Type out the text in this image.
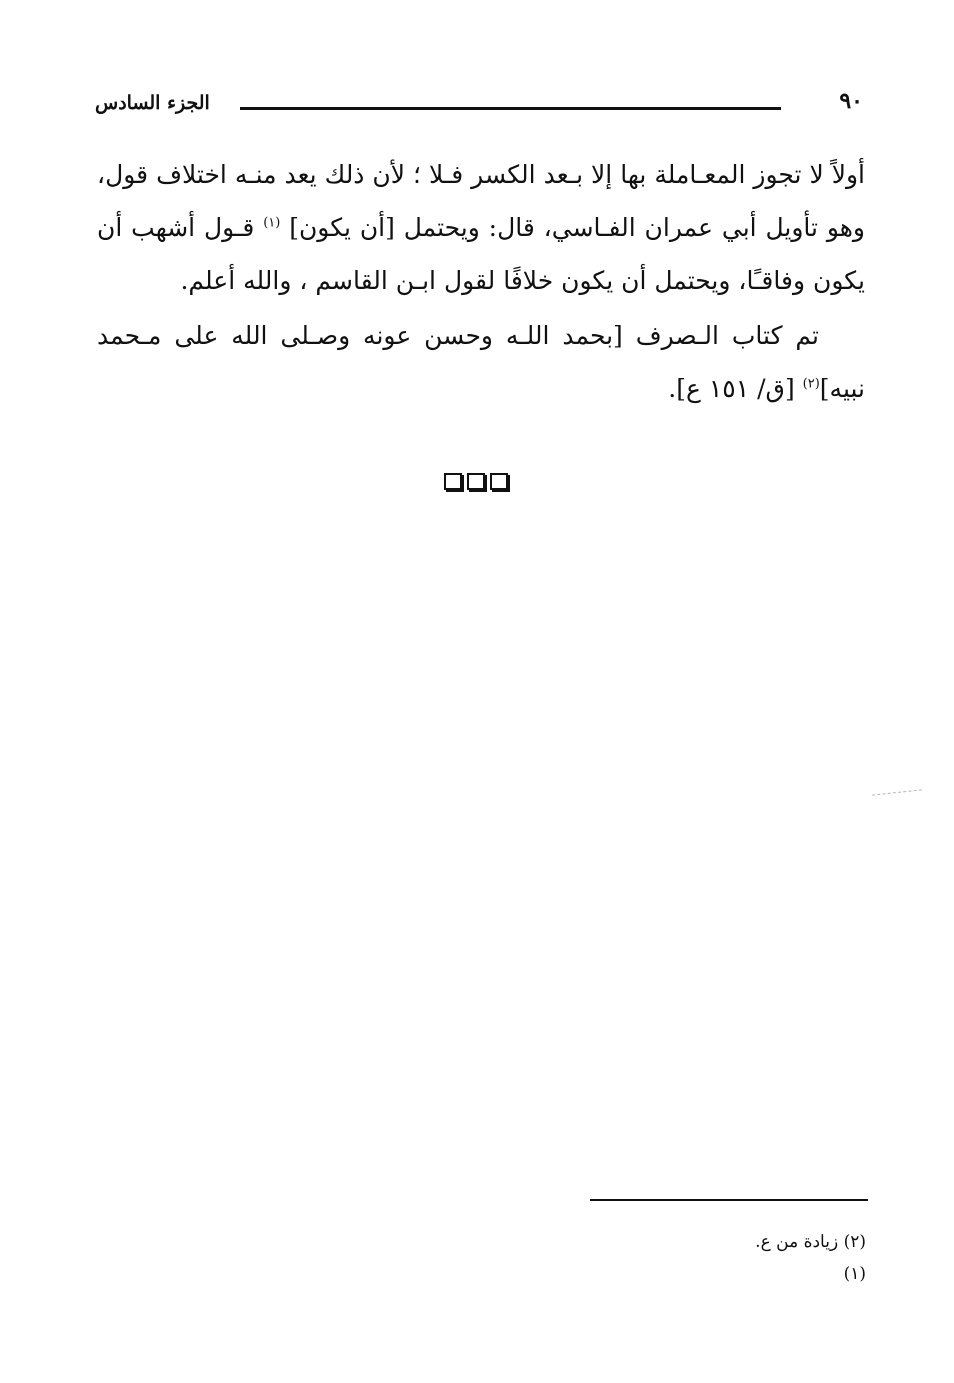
٩٠
الجزء السادس

أولاً لا تجوز المعـاملة بها إلا بـعد الكسر فـلا ؛ لأن ذلك يعد منـه اختلاف قول، وهو تأويل أبي عمران الفـاسي، قال: ويحتمل [أن يكون] $^{(١)}$ قـول أشهب أن يكون وفاقـًا، ويحتمل أن يكون خلافًا لقول ابـن القاسم ، والله أعلم.

تم كتاب الـصرف [بحمد اللـه وحسن عونه وصـلى الله على مـحمد نبيه]$^{(٢)}$ [ق/ ١٥١ ع].

(٢) زيادة من ع.

(١)
